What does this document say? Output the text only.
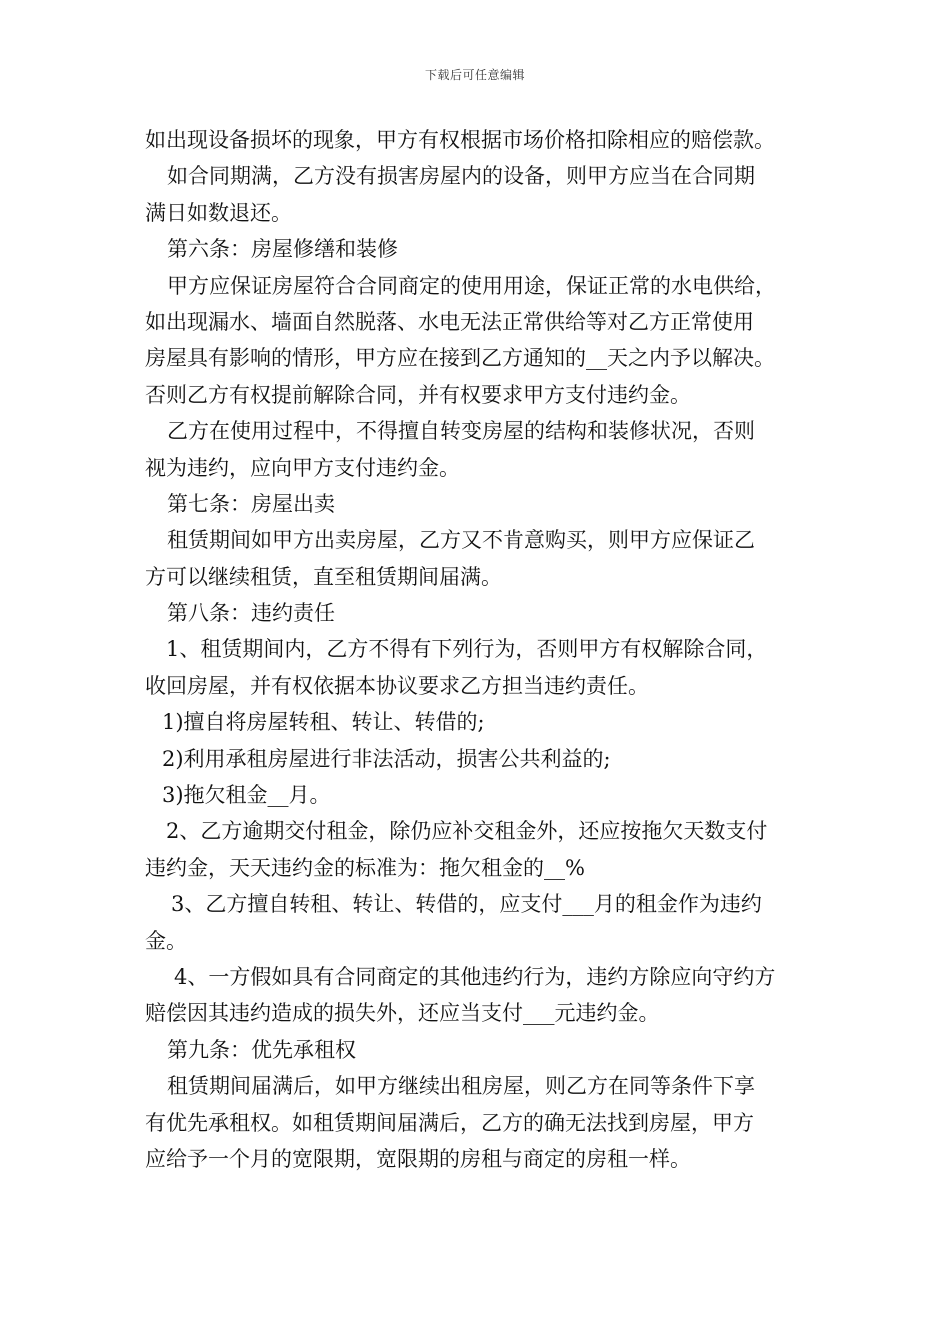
下载后可任意编辑
如出现设备损坏的现象，甲方有权根据市场价格扣除相应的赔偿款。
如合同期满，乙方没有损害房屋内的设备，则甲方应当在合同期
满日如数退还。
第六条：房屋修缮和装修
甲方应保证房屋符合合同商定的使用用途，保证正常的水电供给，
如出现漏水、墙面自然脱落、水电无法正常供给等对乙方正常使用
房屋具有影响的情形，甲方应在接到乙方通知的__天之内予以解决。
否则乙方有权提前解除合同，并有权要求甲方支付违约金。
乙方在使用过程中，不得擅自转变房屋的结构和装修状况，否则
视为违约，应向甲方支付违约金。
第七条：房屋出卖
租赁期间如甲方出卖房屋，乙方又不肯意购买，则甲方应保证乙
方可以继续租赁，直至租赁期间届满。
第八条：违约责任
1、租赁期间内，乙方不得有下列行为，否则甲方有权解除合同，
收回房屋，并有权依据本协议要求乙方担当违约责任。
1)擅自将房屋转租、转让、转借的;
2)利用承租房屋进行非法活动，损害公共利益的;
3)拖欠租金__月。
2、乙方逾期交付租金，除仍应补交租金外，还应按拖欠天数支付
违约金，天天违约金的标准为：拖欠租金的__%
3、乙方擅自转租、转让、转借的，应支付___月的租金作为违约
金。
4、一方假如具有合同商定的其他违约行为，违约方除应向守约方
赔偿因其违约造成的损失外，还应当支付___元违约金。
第九条：优先承租权
租赁期间届满后，如甲方继续出租房屋，则乙方在同等条件下享
有优先承租权。如租赁期间届满后，乙方的确无法找到房屋，甲方
应给予一个月的宽限期，宽限期的房租与商定的房租一样。
